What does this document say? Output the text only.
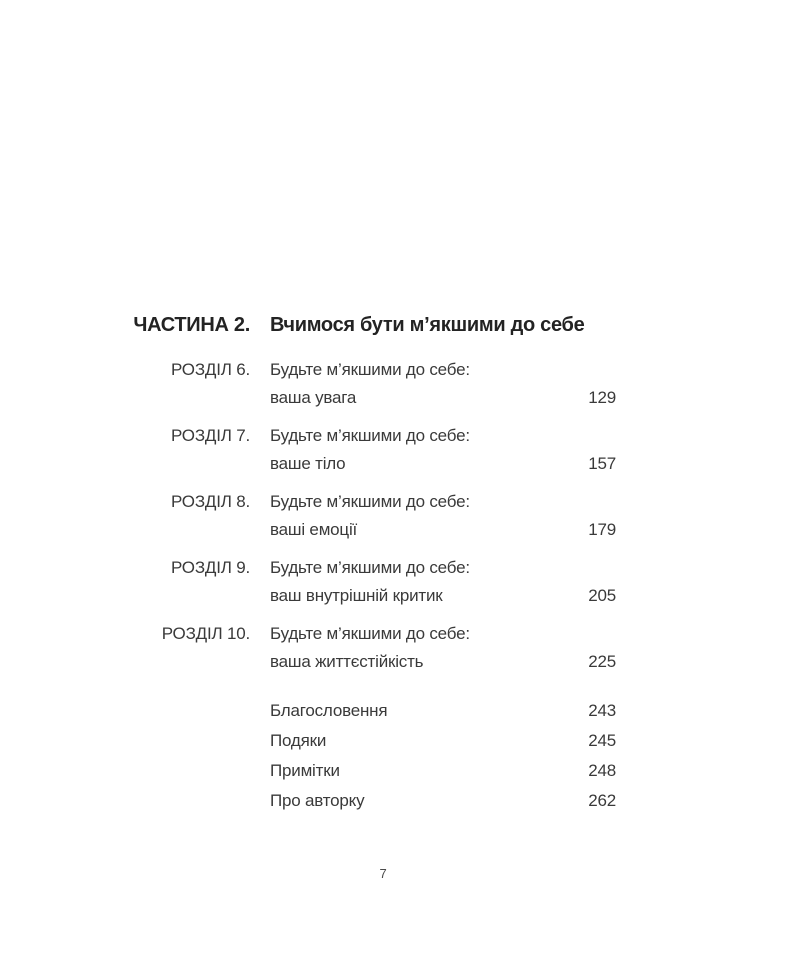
ЧАСТИНА 2. Вчимося бути м’якшими до себе
РОЗДІЛ 6. Будьте м’якшими до себе:
ваша увага	129
РОЗДІЛ 7. Будьте м’якшими до себе:
ваше тіло	157
РОЗДІЛ 8. Будьте м’якшими до себе:
ваші емоції	179
РОЗДІЛ 9. Будьте м’якшими до себе:
ваш внутрішній критик	205
РОЗДІЛ 10. Будьте м’якшими до себе:
ваша життєстійкість	225
Благословення	243
Подяки	245
Примітки	248
Про авторку	262
7
